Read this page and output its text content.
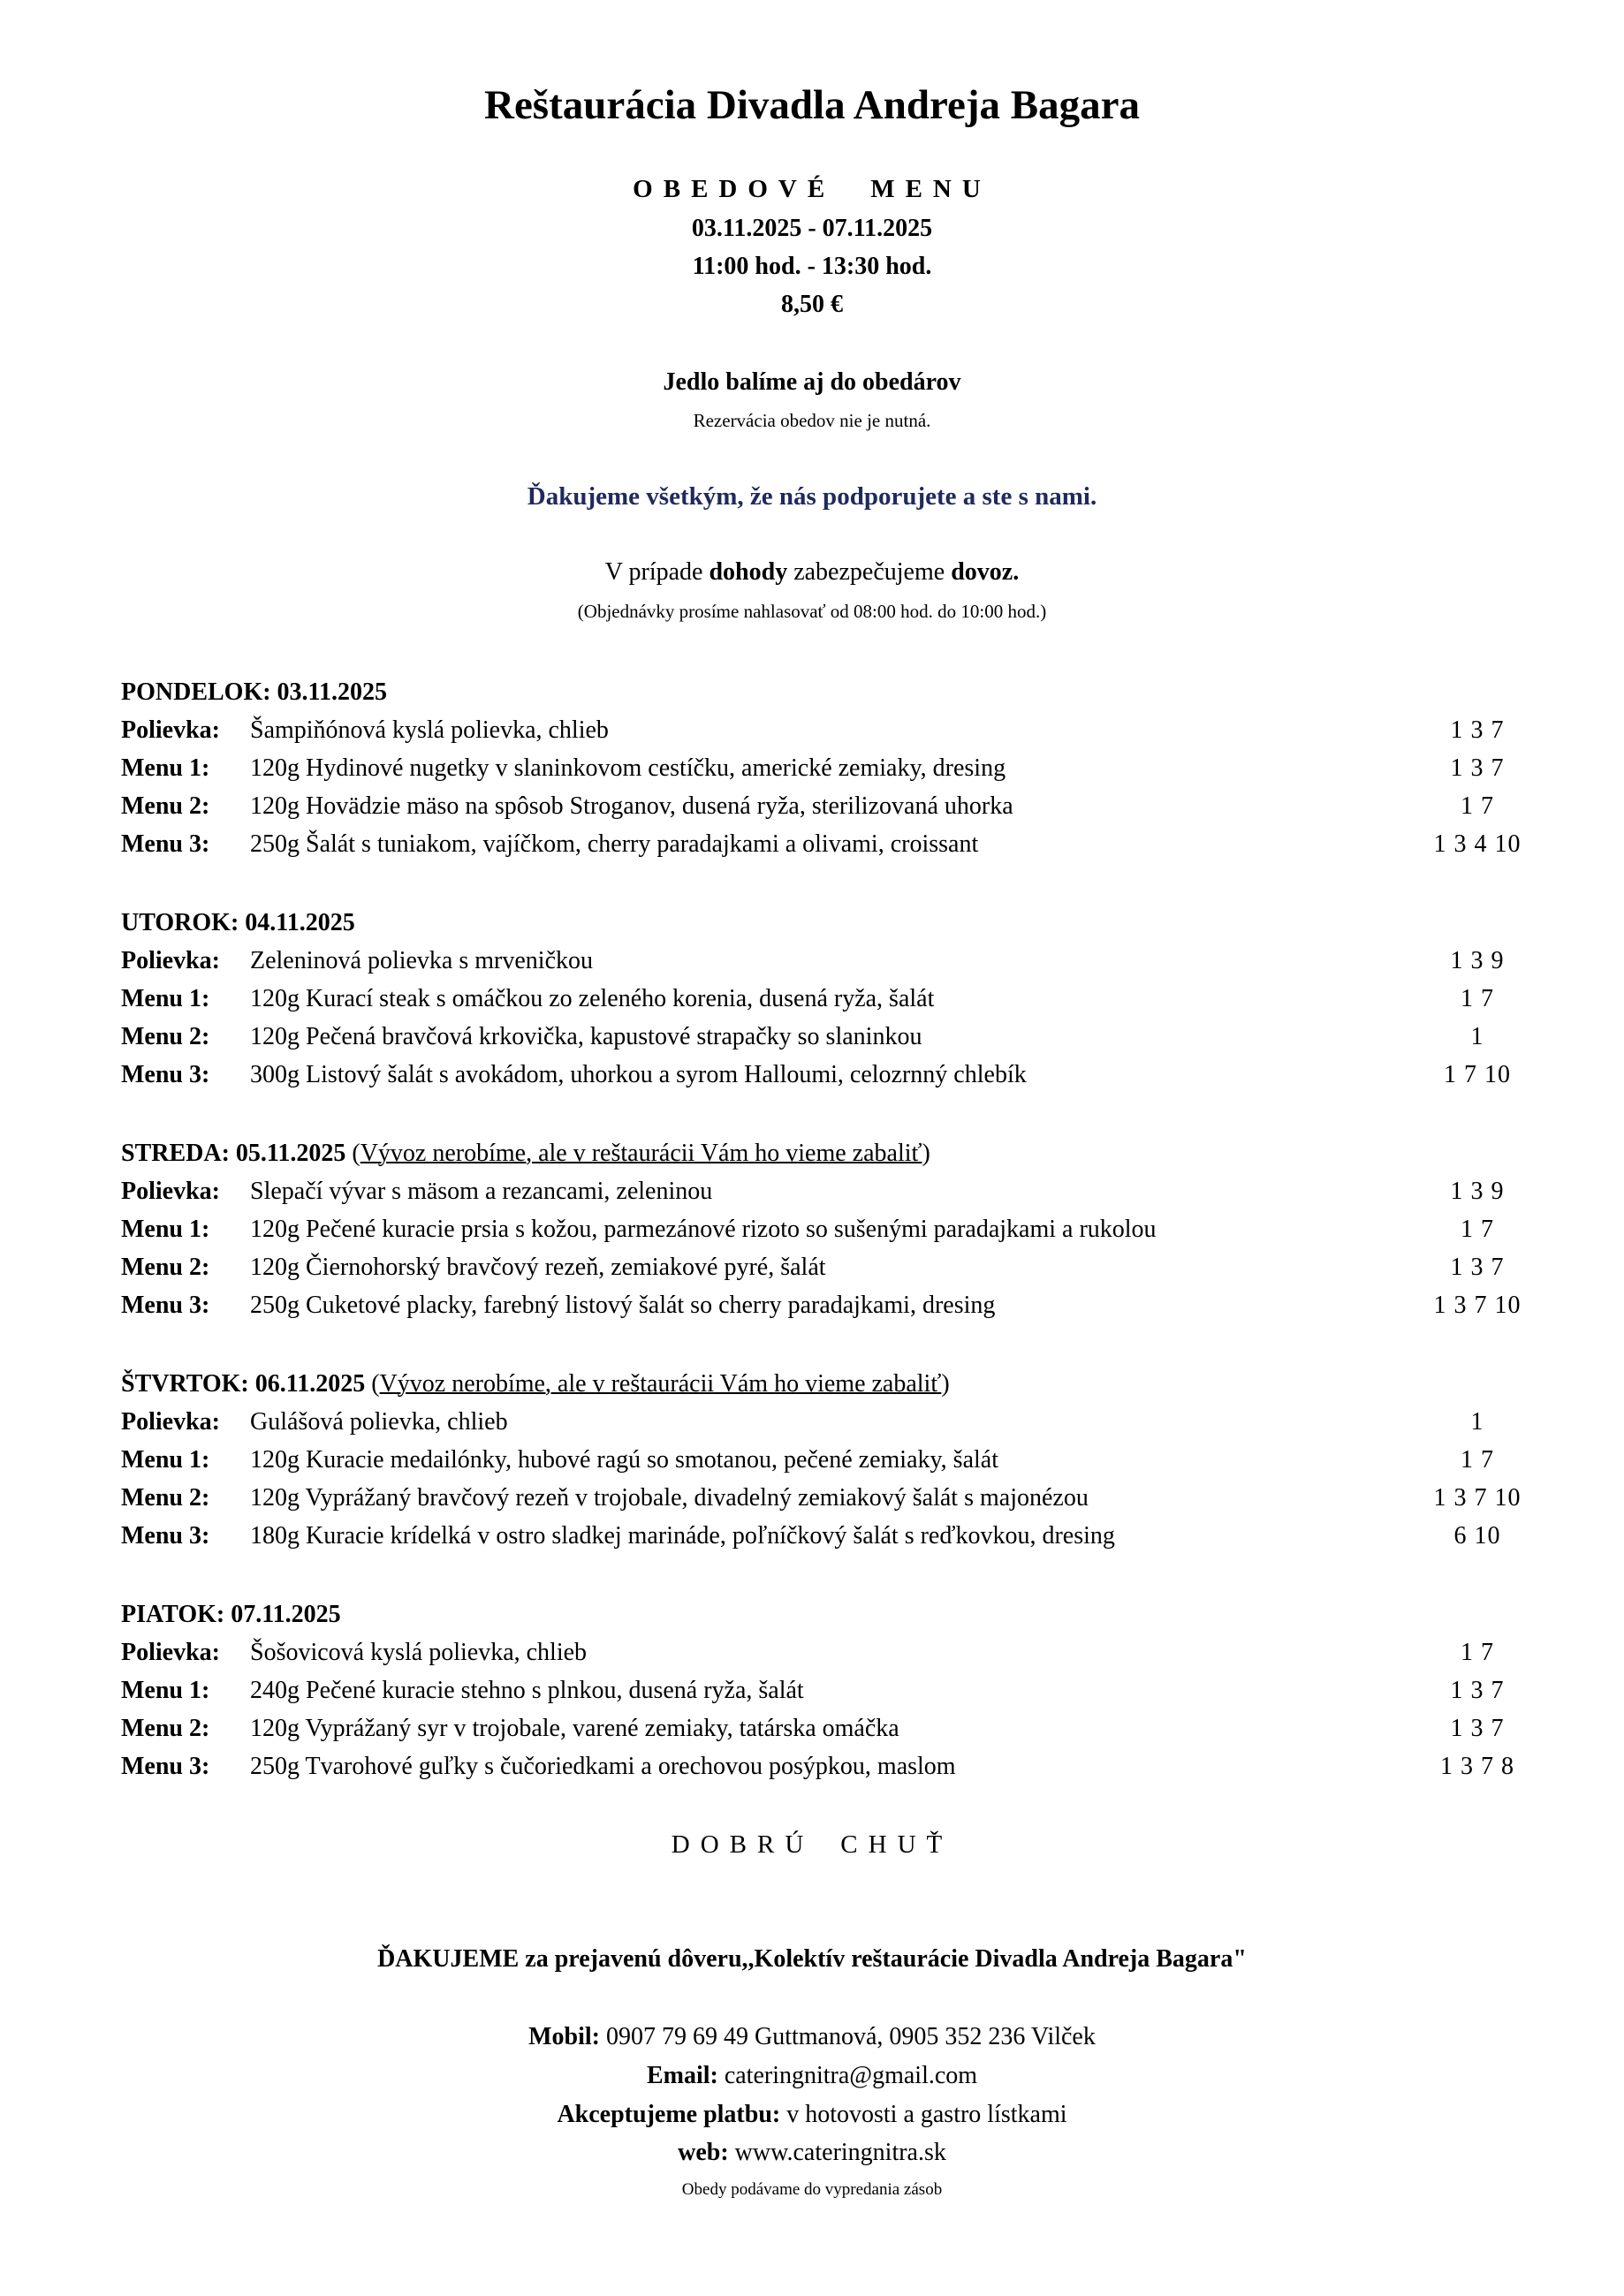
Reštaurácia Divadla Andreja Bagara
OBEDOVÉ MENU
03.11.2025 - 07.11.2025
11:00 hod. - 13:30 hod.
8,50 €
Jedlo balíme aj do obedárov
Rezervácia obedov nie je nutná.
Ďakujeme všetkým, že nás podporujete a ste s nami.
V prípade dohody zabezpečujeme dovoz.
(Objednávky prosíme nahlasovať od 08:00 hod. do 10:00 hod.)
PONDELOK: 03.11.2025
Polievka: Šampiňónová kyslá polievka, chlieb	1 3 7
Menu 1: 120g Hydinové nugetky v slaninkovom cestíčku, americké zemiaky, dresing	1 3 7
Menu 2: 120g Hovädzie mäso na spôsob Stroganov, dusená ryža, sterilizovaná uhorka	1 7
Menu 3: 250g Šalát s tuniakom, vajíčkom, cherry paradajkami a olivami, croissant	1 3 4 10
UTOROK: 04.11.2025
Polievka: Zeleninová polievka s mrveničkou	1 3 9
Menu 1: 120g Kurací steak s omáčkou zo zeleného korenia, dusená ryža, šalát	1 7
Menu 2: 120g Pečená bravčová krkovička, kapustové strapačky so slaninkou	1
Menu 3: 300g Listový šalát s avokádom, uhorkou a syrom Halloumi, celozrnný chlebík	1 7 10
STREDA: 05.11.2025 (Vývoz nerobíme, ale v reštaurácii Vám ho vieme zabaliť)
Polievka: Slepačí vývar s mäsom a rezancami, zeleninou	1 3 9
Menu 1: 120g Pečené kuracie prsia s kožou, parmezánové rizoto so sušenými paradajkami a rukolou	1 7
Menu 2: 120g Čiernohorský bravčový rezeň, zemiakové pyré, šalát	1 3 7
Menu 3: 250g Cuketové placky, farebný listový šalát so cherry paradajkami, dresing	1 3 7 10
ŠTVRTOK: 06.11.2025 (Vývoz nerobíme, ale v reštaurácii Vám ho vieme zabaliť)
Polievka: Gulášová polievka, chlieb	1
Menu 1: 120g Kuracie medailónky, hubové ragú so smotanou, pečené zemiaky, šalát	1 7
Menu 2: 120g Vyprážaný bravčový rezeň v trojobale, divadelný zemiakový šalát s majonézou	1 3 7 10
Menu 3: 180g Kuracie krídelká v ostro sladkej marináde, poľníčkový šalát s reďkovkou, dresing	6 10
PIATOK: 07.11.2025
Polievka: Šošovicová kyslá polievka, chlieb	1 7
Menu 1: 240g Pečené kuracie stehno s plnkou, dusená ryža, šalát	1 3 7
Menu 2: 120g Vyprážaný syr v trojobale, varené zemiaky, tatárska omáčka	1 3 7
Menu 3: 250g Tvarohové guľky s čučoriedkami a orechovou posýpkou, maslom	1 3 7 8
DOBRÚ CHUŤ
ĎAKUJEME za prejavenú dôveru,,Kolektív reštaurácie Divadla Andreja Bagara"
Mobil: 0907 79 69 49 Guttmanová, 0905 352 236 Vilček
Email: cateringnitra@gmail.com
Akceptujeme platbu: v hotovosti a gastro lístkami
web: www.cateringnitra.sk
Obedy podávame do vypredania zásob
